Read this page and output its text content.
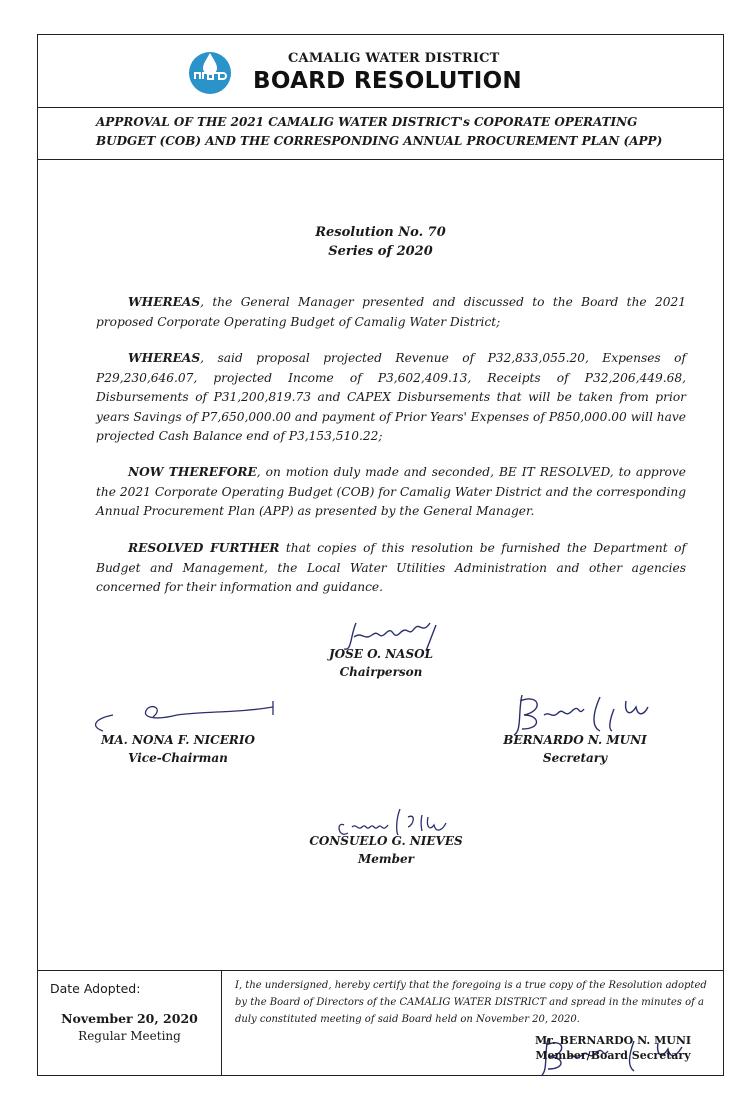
CAMALIG WATER DISTRICT
BOARD RESOLUTION
APPROVAL OF THE 2021 CAMALIG WATER DISTRICT's COPORATE OPERATING BUDGET (COB) AND THE CORRESPONDING ANNUAL PROCUREMENT PLAN (APP)
Resolution No. 70
Series of 2020
WHEREAS, the General Manager presented and discussed to the Board the 2021 proposed Corporate Operating Budget of Camalig Water District;
WHEREAS, said proposal projected Revenue of P32,833,055.20, Expenses of P29,230,646.07, projected Income of P3,602,409.13, Receipts of P32,206,449.68, Disbursements of P31,200,819.73 and CAPEX Disbursements that will be taken from prior years Savings of P7,650,000.00 and payment of Prior Years' Expenses of P850,000.00 will have projected Cash Balance end of P3,153,510.22;
NOW THEREFORE, on motion duly made and seconded, BE IT RESOLVED, to approve the 2021 Corporate Operating Budget (COB) for Camalig Water District and the corresponding Annual Procurement Plan (APP) as presented by the General Manager.
RESOLVED FURTHER that copies of this resolution be furnished the Department of Budget and Management, the Local Water Utilities Administration and other agencies concerned for their information and guidance.
JOSE O. NASOL
Chairperson
MA. NONA F. NICERIO
Vice-Chairman
BERNARDO N. MUNI
Secretary
CONSUELO G. NIEVES
Member
Date Adopted:
November 20, 2020
Regular Meeting
I, the undersigned, hereby certify that the foregoing is a true copy of the Resolution adopted by the Board of Directors of the CAMALIG WATER DISTRICT and spread in the minutes of a duly constituted meeting of said Board held on November 20, 2020.
Mr. BERNARDO N. MUNI
Member/Board Secretary
